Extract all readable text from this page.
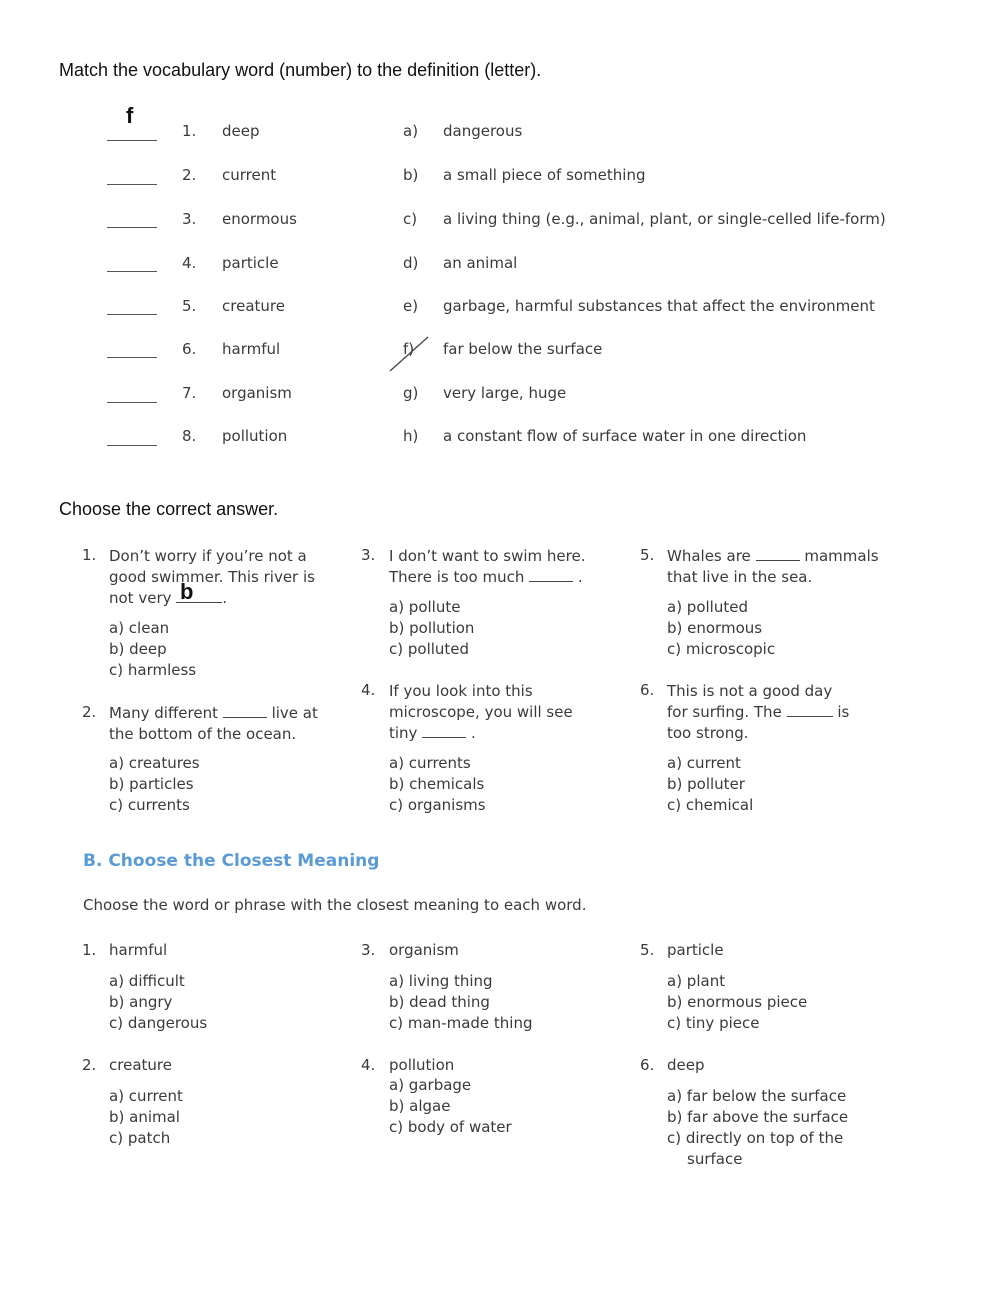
Match the vocabulary word (number) to the definition (letter).
f
1. deep
2. current
3. enormous
4. particle
5. creature
6. harmful
7. organism
8. pollution
a) dangerous
b) a small piece of something
c) a living thing (e.g., animal, plant, or single-celled life-form)
d) an animal
e) garbage, harmful substances that affect the environment
f) far below the surface
g) very large, huge
h) a constant flow of surface water in one direction
Choose the correct answer.
1. Don’t worry if you’re not a
good swimmer. This river is
not very	.
b
a) clean
b) deep
c) harmless
2. Many different	live at
the bottom of the ocean.
a) creatures
b) particles
c) currents
3. I don’t want to swim here.
There is too much	.
a) pollute
b) pollution
c) polluted
4. If you look into this
microscope, you will see
tiny	.
a) currents
b) chemicals
c) organisms
5. Whales are	mammals
that live in the sea.
a) polluted
b) enormous
c) microscopic
6. This is not a good day
for surfing. The	is
too strong.
a) current
b) polluter
c) chemical
B. Choose the Closest Meaning
Choose the word or phrase with the closest meaning to each word.
1. harmful
a) difficult
b) angry
c) dangerous
2. creature
a) current
b) animal
c) patch
3. organism
a) living thing
b) dead thing
c) man-made thing
4. pollution
a) garbage
b) algae
c) body of water
5. particle
a) plant
b) enormous piece
c) tiny piece
6. deep
a) far below the surface
b) far above the surface
c) directly on top of the
surface
